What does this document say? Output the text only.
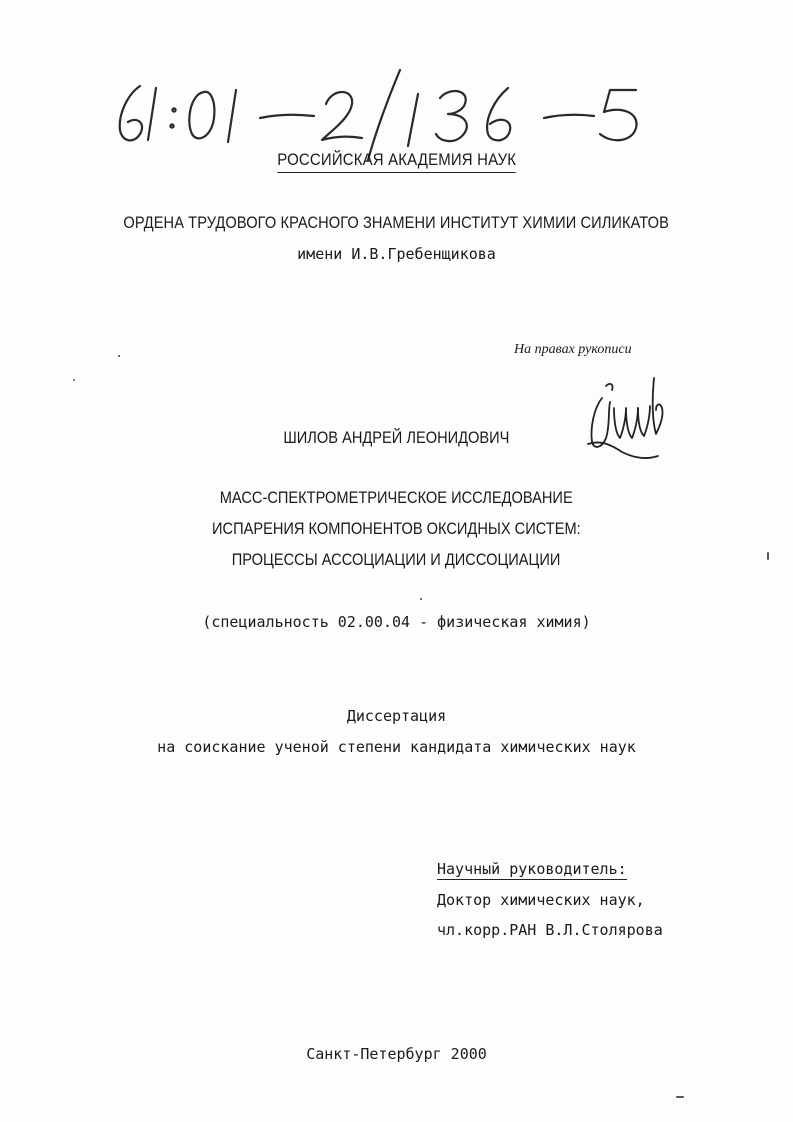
РОССИЙСКАЯ АКАДЕМИЯ НАУК
ОРДЕНА ТРУДОВОГО КРАСНОГО ЗНАМЕНИ ИНСТИТУТ ХИМИИ СИЛИКАТОВ
имени И.В.Гребенщикова
На правах рукописи
ШИЛОВ АНДРЕЙ ЛЕОНИДОВИЧ
МАСС-СПЕКТРОМЕТРИЧЕСКОЕ ИССЛЕДОВАНИЕ
ИСПАРЕНИЯ КОМПОНЕНТОВ ОКСИДНЫХ СИСТЕМ:
ПРОЦЕССЫ АССОЦИАЦИИ И ДИССОЦИАЦИИ
(специальность 02.00.04 - физическая химия)
Диссертация
на соискание ученой степени кандидата химических наук
Научный руководитель:
Доктор химических наук,
чл.корр.РАН В.Л.Столярова
Санкт-Петербург 2000
